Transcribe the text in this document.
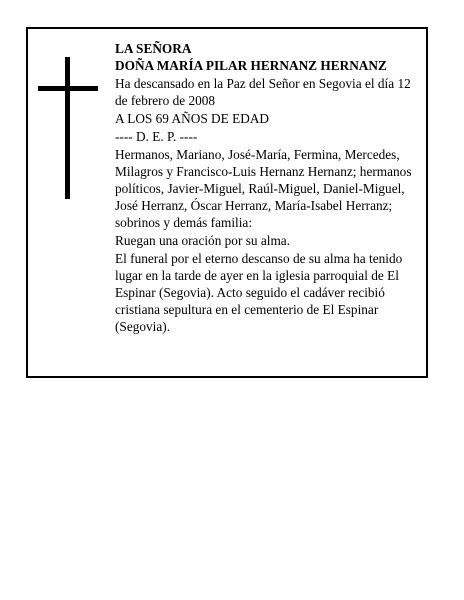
LA SEÑORA

DOÑA MARÍA PILAR HERNANZ HERNANZ

Ha descansado en la Paz del Señor en Segovia el día 12 de febrero de 2008

A LOS 69 AÑOS DE EDAD

---- D. E. P. ----

Hermanos, Mariano, José-María, Fermina, Mercedes, Milagros y Francisco-Luis Hernanz Hernanz; hermanos políticos, Javier-Miguel, Raúl-Miguel, Daniel-Miguel, José Herranz, Óscar Herranz, María-Isabel Herranz; sobrinos y demás familia:

Ruegan una oración por su alma.

El funeral por el eterno descanso de su alma ha tenido lugar en la tarde de ayer en la iglesia parroquial de El Espinar (Segovia). Acto seguido el cadáver recibió cristiana sepultura en el cementerio de El Espinar (Segovia).
